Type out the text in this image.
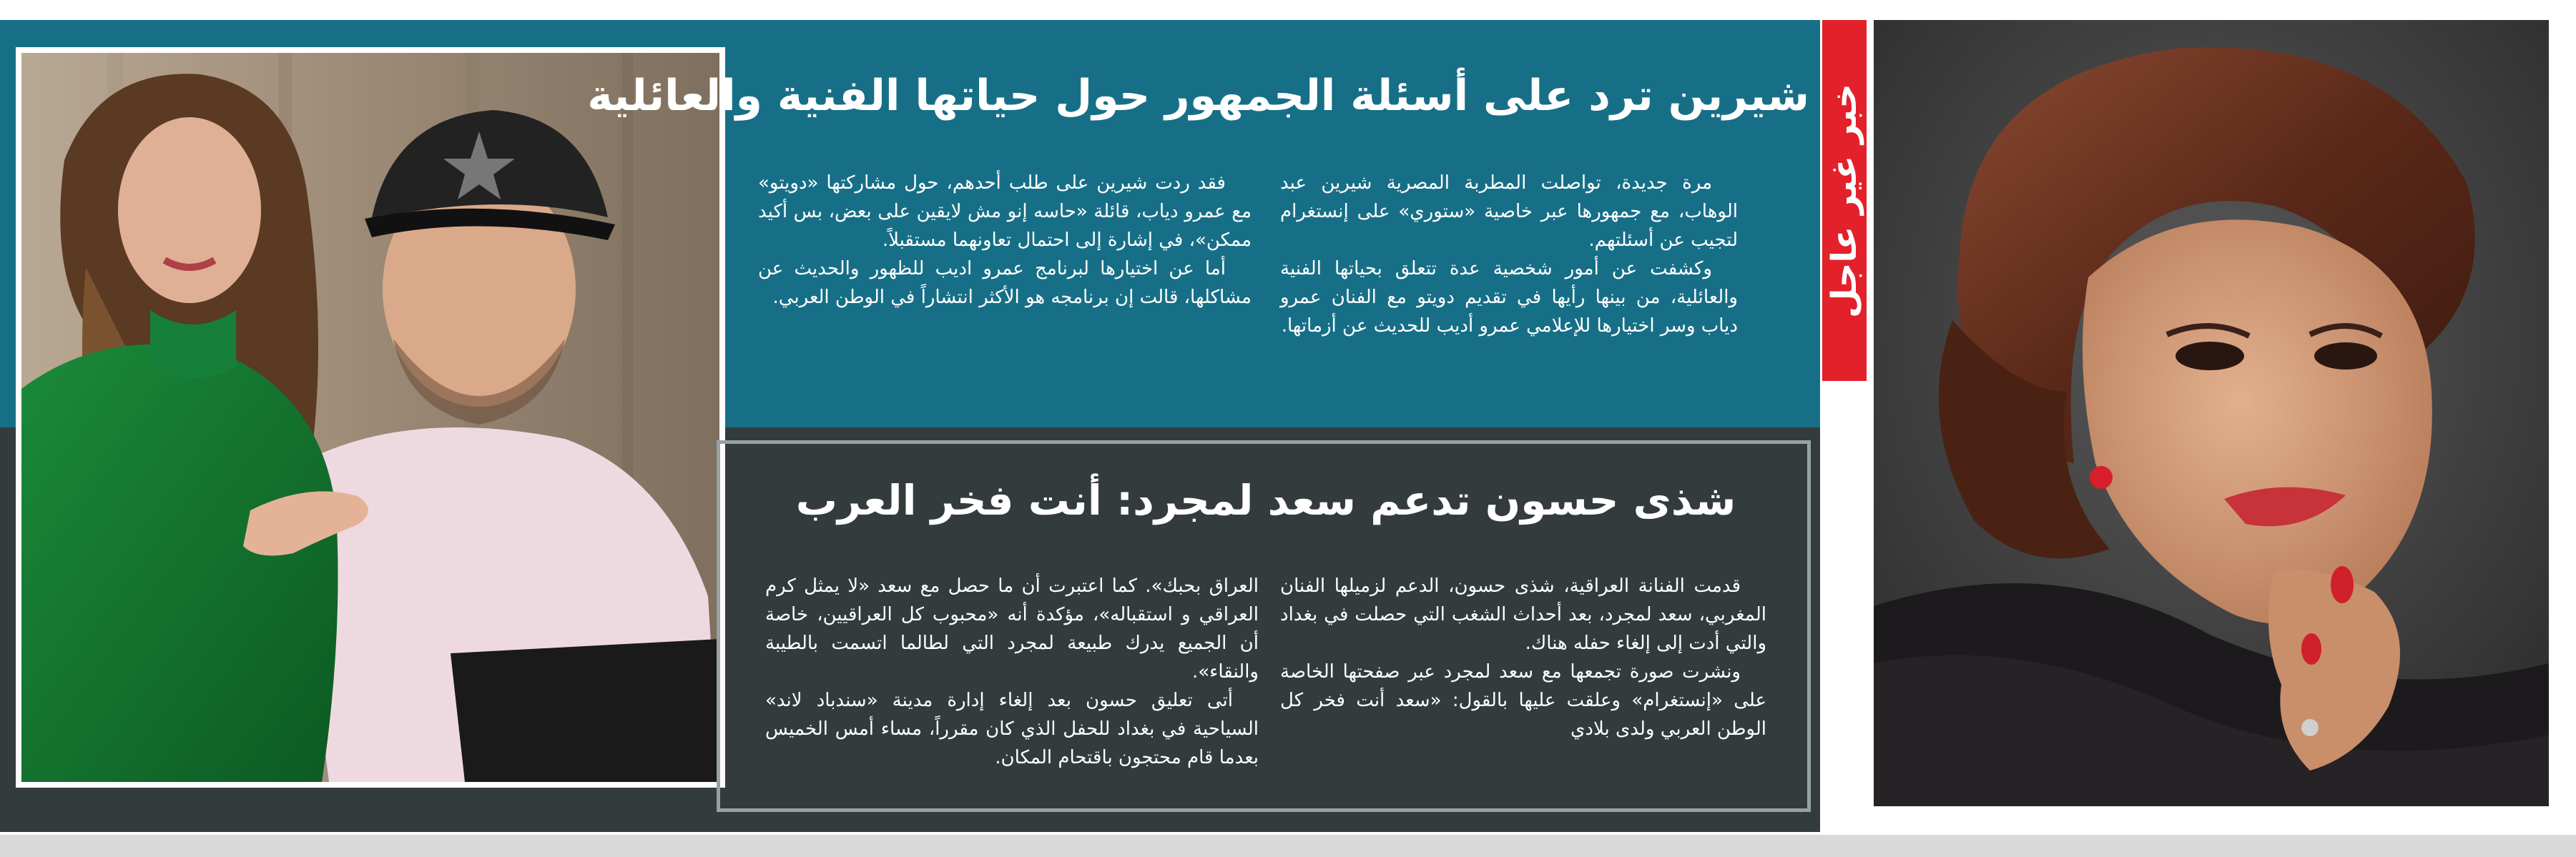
خبر غير عاجل
شيرين ترد على أسئلة الجمهور حول حياتها الفنية والعائلية
مرة جديدة، تواصلت المطربة المصرية شيرين عبد الوهاب، مع جمهورها عبر خاصية «ستوري» على إنستغرام لتجيب عن أسئلتهم.
وكشفت عن أمور شخصية عدة تتعلق بحياتها الفنية والعائلية، من بينها رأيها في تقديم دويتو مع الفنان عمرو دياب وسر اختيارها للإعلامي عمرو أديب للحديث عن أزماتها.
فقد ردت شيرين على طلب أحدهم، حول مشاركتها «دويتو» مع عمرو دياب، قائلة «حاسه إنو مش لايقين على بعض، بس أكيد ممكن»، في إشارة إلى احتمال تعاونهما مستقبلاً.
أما عن اختيارها لبرنامج عمرو اديب للظهور والحديث عن مشاكلها، قالت إن برنامجه هو الأكثر انتشاراً في الوطن العربي.
شذى حسون تدعم سعد لمجرد: أنت فخر العرب
قدمت الفنانة العراقية، شذى حسون، الدعم لزميلها الفنان المغربي، سعد لمجرد، بعد أحداث الشغب التي حصلت في بغداد والتي أدت إلى إلغاء حفله هناك.
ونشرت صورة تجمعها مع سعد لمجرد عبر صفحتها الخاصة على «إنستغرام» وعلقت عليها بالقول: «سعد أنت فخر كل الوطن العربي ولدى بلادي
العراق بحبك». كما اعتبرت أن ما حصل مع سعد «لا يمثل كرم العراقي و استقباله»، مؤكدة أنه «محبوب كل العراقيين، خاصة أن الجميع يدرك طبيعة لمجرد التي لطالما اتسمت بالطيبة والنقاء».
أتى تعليق حسون بعد إلغاء إدارة مدينة «سندباد لاند» السياحية في بغداد للحفل الذي كان مقرراً، مساء أمس الخميس بعدما قام محتجون باقتحام المكان.
